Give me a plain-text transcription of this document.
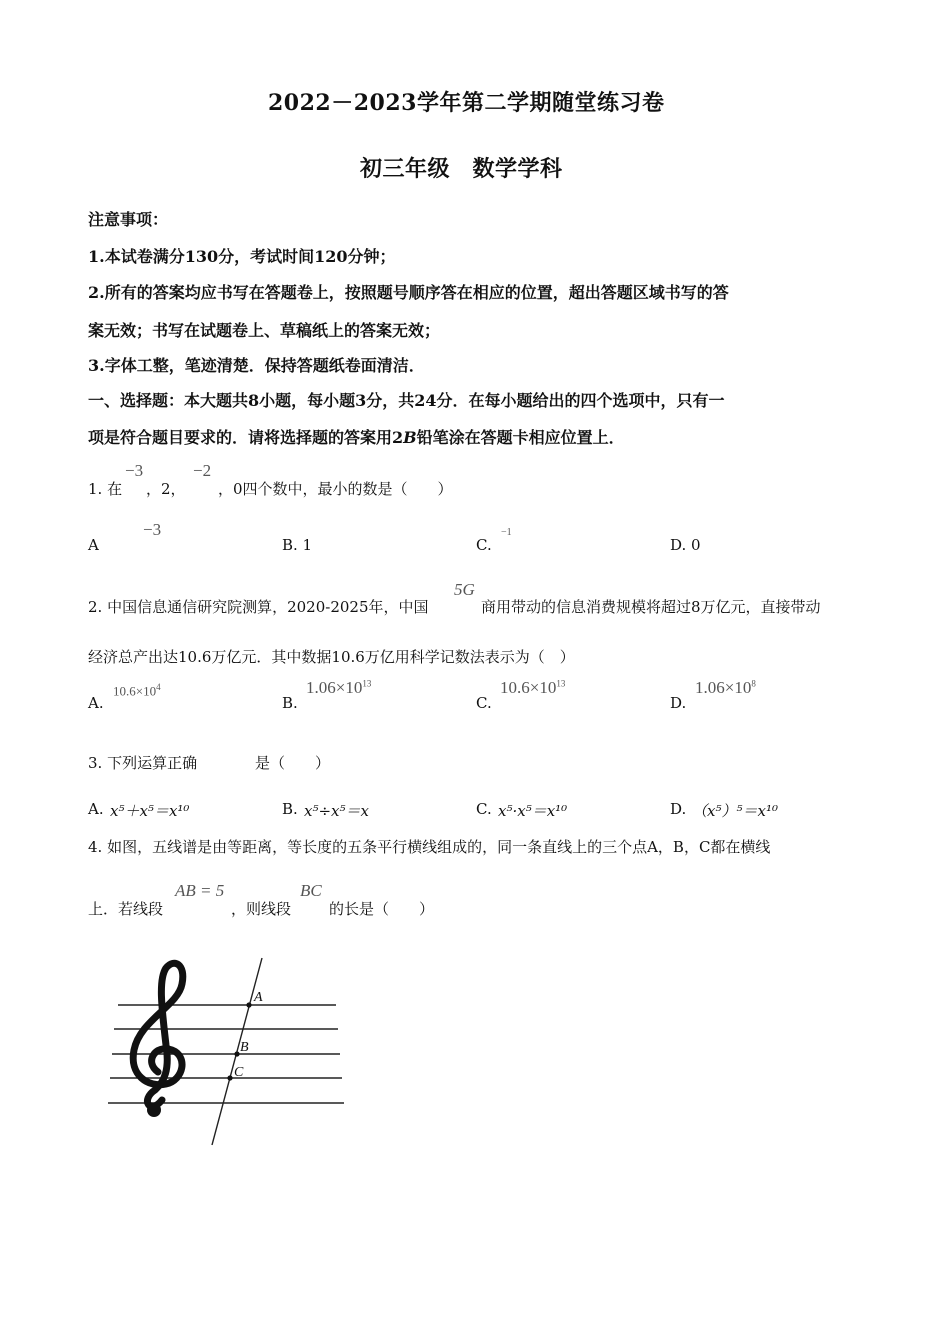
2022－2023学年第二学期随堂练习卷
初三年级　数学学科
注意事项：
1.本试卷满分130分，考试时间120分钟；
2.所有的答案均应书写在答题卷上，按照题号顺序答在相应的位置，超出答题区域书写的答
案无效；书写在试题卷上、草稿纸上的答案无效；
3.字体工整，笔迹清楚．保持答题纸卷面清洁．
一、选择题：本大题共8小题，每小题3分，共24分．在每小题给出的四个选项中，只有一
项是符合题目要求的．请将选择题的答案用2B铅笔涂在答题卡相应位置上．
1. 在
−3
，2，
−2
，0四个数中，最小的数是（　　）
A
−3
B. 1	C.
−1
D. 0
2. 中国信息通信研究院测算，2020-2025年，中国
5G
商用带动的信息消费规模将超过8万亿元，直接带动
经济总产出达10.6万亿元．其中数据10.6万亿用科学记数法表示为（　）
A.
$10.6\times 10^4$
B.
$1.06\times 10^{13}$
C.
$10.6\times 10^{13}$
D.
$1.06\times 10^8$
3. 下列运算正确	是（　　）
A. x⁵＋x⁵＝x¹⁰	B. x⁵÷x⁵＝x	C. x⁵·x⁵＝x¹⁰	D. （x⁵）⁵＝x¹⁰
4. 如图，五线谱是由等距离，等长度的五条平行横线组成的，同一条直线上的三个点A，B，C都在横线
上．若线段
AB = 5
，则线段
BC
的长是（　　）
A
B
C
